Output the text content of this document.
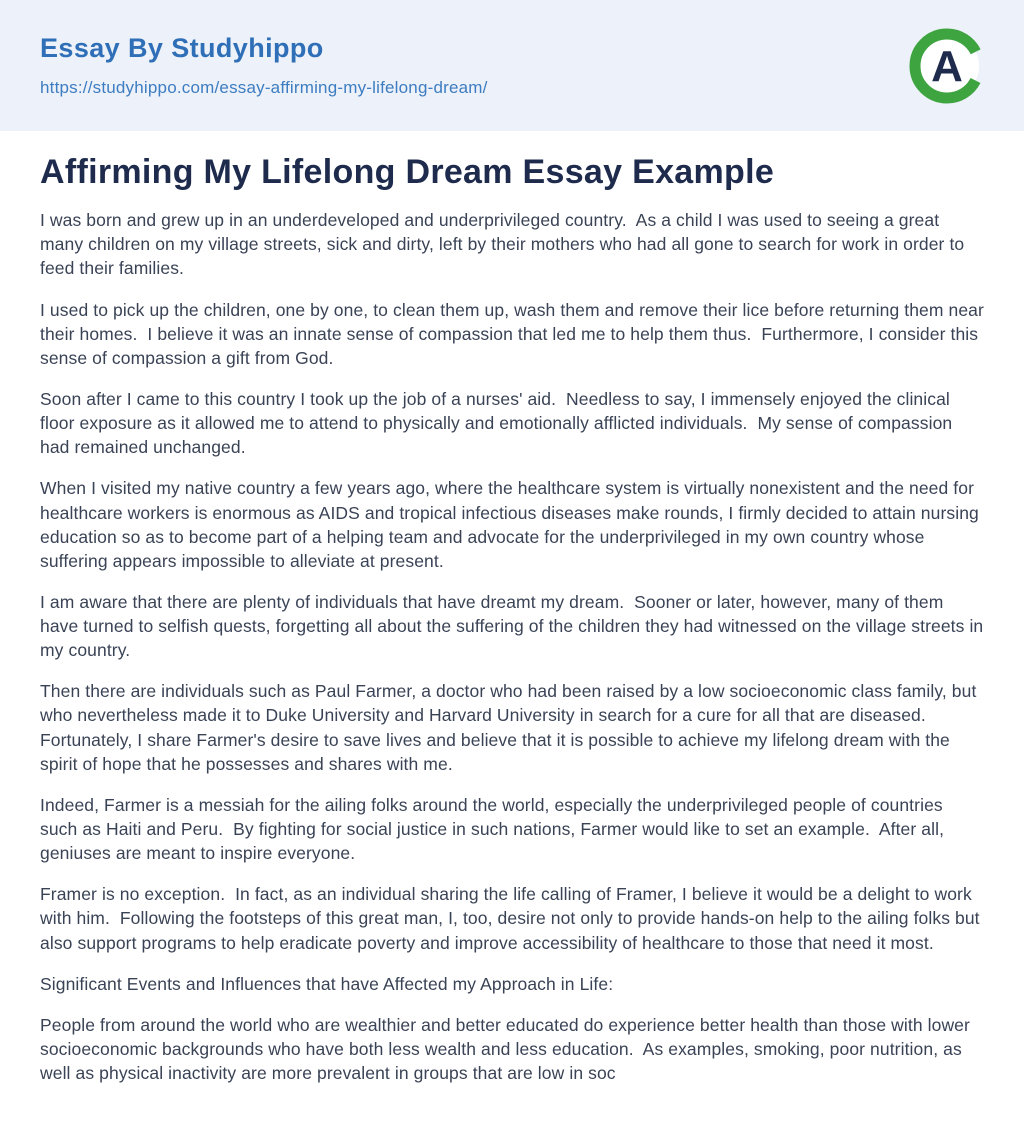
Essay By Studyhippo
https://studyhippo.com/essay-affirming-my-lifelong-dream/	A
Affirming My Lifelong Dream Essay Example

I was born and grew up in an underdeveloped and underprivileged country.  As a child I was used to seeing a great many children on my village streets, sick and dirty, left by their mothers who had all gone to search for work in order to feed their families.

I used to pick up the children, one by one, to clean them up, wash them and remove their lice before returning them near their homes.  I believe it was an innate sense of compassion that led me to help them thus.  Furthermore, I consider this sense of compassion a gift from God.

Soon after I came to this country I took up the job of a nurses' aid.  Needless to say, I immensely enjoyed the clinical floor exposure as it allowed me to attend to physically and emotionally afflicted individuals.  My sense of compassion had remained unchanged.

When I visited my native country a few years ago, where the healthcare system is virtually nonexistent and the need for healthcare workers is enormous as AIDS and tropical infectious diseases make rounds, I firmly decided to attain nursing education so as to become part of a helping team and advocate for the underprivileged in my own country whose suffering appears impossible to alleviate at present.

I am aware that there are plenty of individuals that have dreamt my dream.  Sooner or later, however, many of them have turned to selfish quests, forgetting all about the suffering of the children they had witnessed on the village streets in my country.

Then there are individuals such as Paul Farmer, a doctor who had been raised by a low socioeconomic class family, but who nevertheless made it to Duke University and Harvard University in search for a cure for all that are diseased.  Fortunately, I share Farmer's desire to save lives and believe that it is possible to achieve my lifelong dream with the spirit of hope that he possesses and shares with me.

Indeed, Farmer is a messiah for the ailing folks around the world, especially the underprivileged people of countries such as Haiti and Peru.  By fighting for social justice in such nations, Farmer would like to set an example.  After all, geniuses are meant to inspire everyone.

Framer is no exception.  In fact, as an individual sharing the life calling of Framer, I believe it would be a delight to work with him.  Following the footsteps of this great man, I, too, desire not only to provide hands-on help to the ailing folks but also support programs to help eradicate poverty and improve accessibility of healthcare to those that need it most.

Significant Events and Influences that have Affected my Approach in Life:

People from around the world who are wealthier and better educated do experience better health than those with lower socioeconomic backgrounds who have both less wealth and less education.  As examples, smoking, poor nutrition, as well as physical inactivity are more prevalent in groups that are low in soc
